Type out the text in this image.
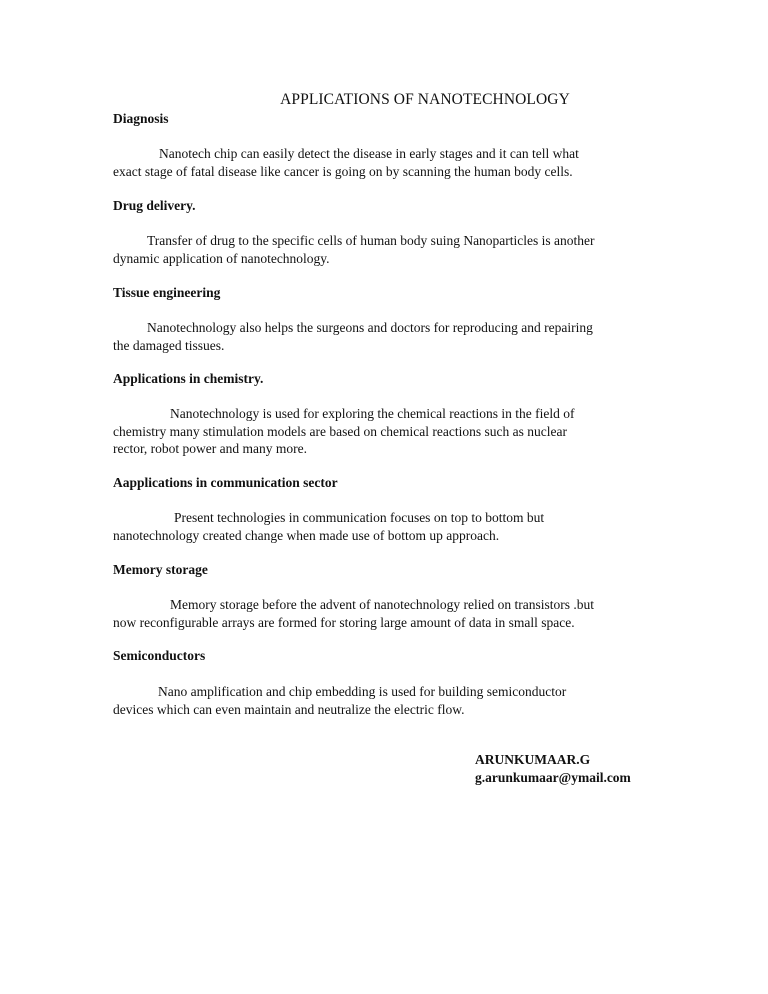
APPLICATIONS OF NANOTECHNOLOGY
Diagnosis
Nanotech chip can easily detect the disease in early stages and it can tell what
exact stage of fatal disease like cancer is going on by scanning the human body cells.
Drug delivery.
Transfer of drug to the specific cells of human body suing Nanoparticles is another
dynamic application of nanotechnology.
Tissue engineering
Nanotechnology also helps the surgeons and doctors for reproducing and repairing
the damaged tissues.
Applications in chemistry.
Nanotechnology is used for exploring the chemical reactions in the field of
chemistry many stimulation models are based on chemical reactions such as nuclear
rector, robot power and many more.
Aapplications in communication sector
Present technologies in communication focuses on top to bottom but
nanotechnology created change when made use of bottom up approach.
Memory storage
Memory storage before the advent of nanotechnology relied on transistors .but
now reconfigurable arrays are formed for storing large amount of data in small space.
Semiconductors
Nano amplification and chip embedding is used for building semiconductor
devices which can even maintain and neutralize the electric flow.
ARUNKUMAAR.G
g.arunkumaar@ymail.com
